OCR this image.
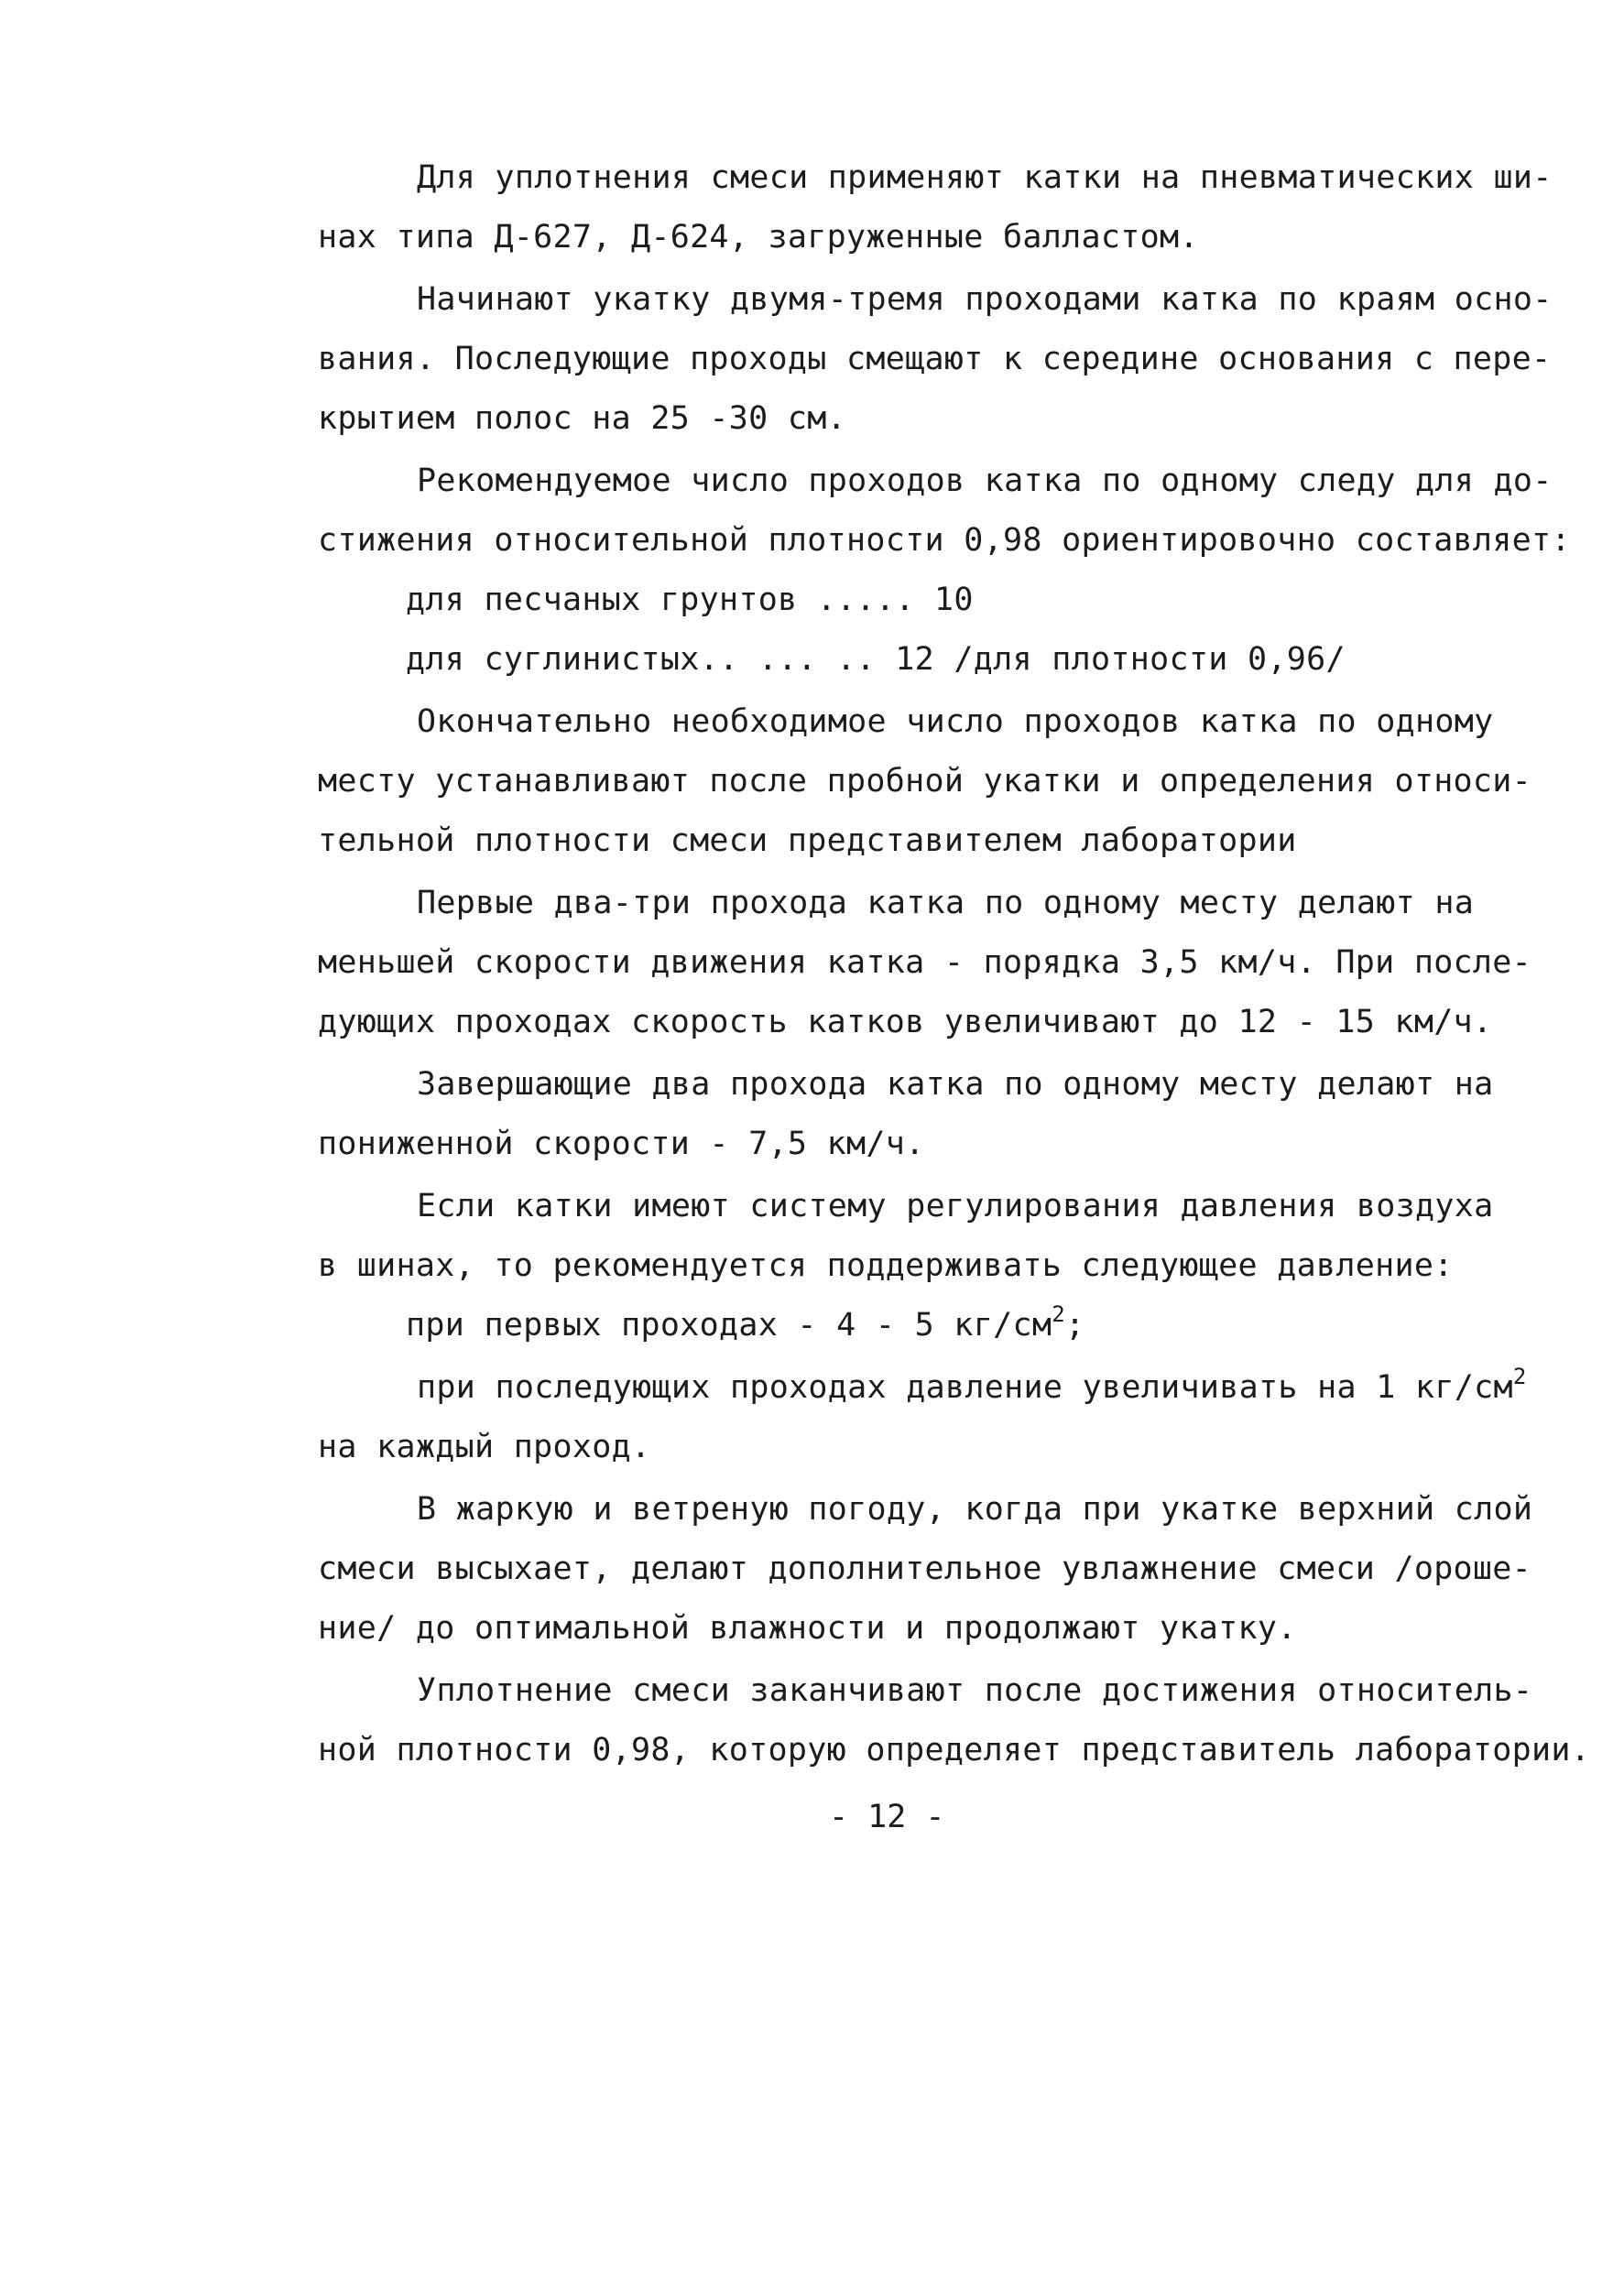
Для уплотнения смеси применяют катки на пневматических ши-
нах типа Д-627, Д-624, загруженные балластом.
Начинают укатку двумя-тремя проходами катка по краям осно-
вания. Последующие проходы смещают к середине основания с пере-
крытием полос на 25 -30 см.
Рекомендуемое число проходов катка по одному следу для до-
стижения относительной плотности 0,98 ориентировочно составляет:
для песчаных грунтов ..... 10
для суглинистых.. ... .. 12 /для плотности 0,96/
Окончательно необходимое число проходов катка по одному
месту устанавливают после пробной укатки и определения относи-
тельной плотности смеси представителем лаборатории
Первые два-три прохода катка по одному месту делают на
меньшей скорости движения катка - порядка 3,5 км/ч. При после-
дующих проходах скорость катков увеличивают до 12 - 15 км/ч.
Завершающие два прохода катка по одному месту делают на
пониженной скорости - 7,5 км/ч.
Если катки имеют систему регулирования давления воздуха
в шинах, то рекомендуется поддерживать следующее давление:
при первых проходах - 4 - 5 $кг/см^2$;
при последующих проходах давление увеличивать на 1 $кг/см^2$
на каждый проход.
В жаркую и ветреную погоду, когда при укатке верхний слой
смеси высыхает, делают дополнительное увлажнение смеси /ороше-
ние/ до оптимальной влажности и продолжают укатку.
Уплотнение смеси заканчивают после достижения относитель-
ной плотности 0,98, которую определяет представитель лаборатории.
- 12 -
